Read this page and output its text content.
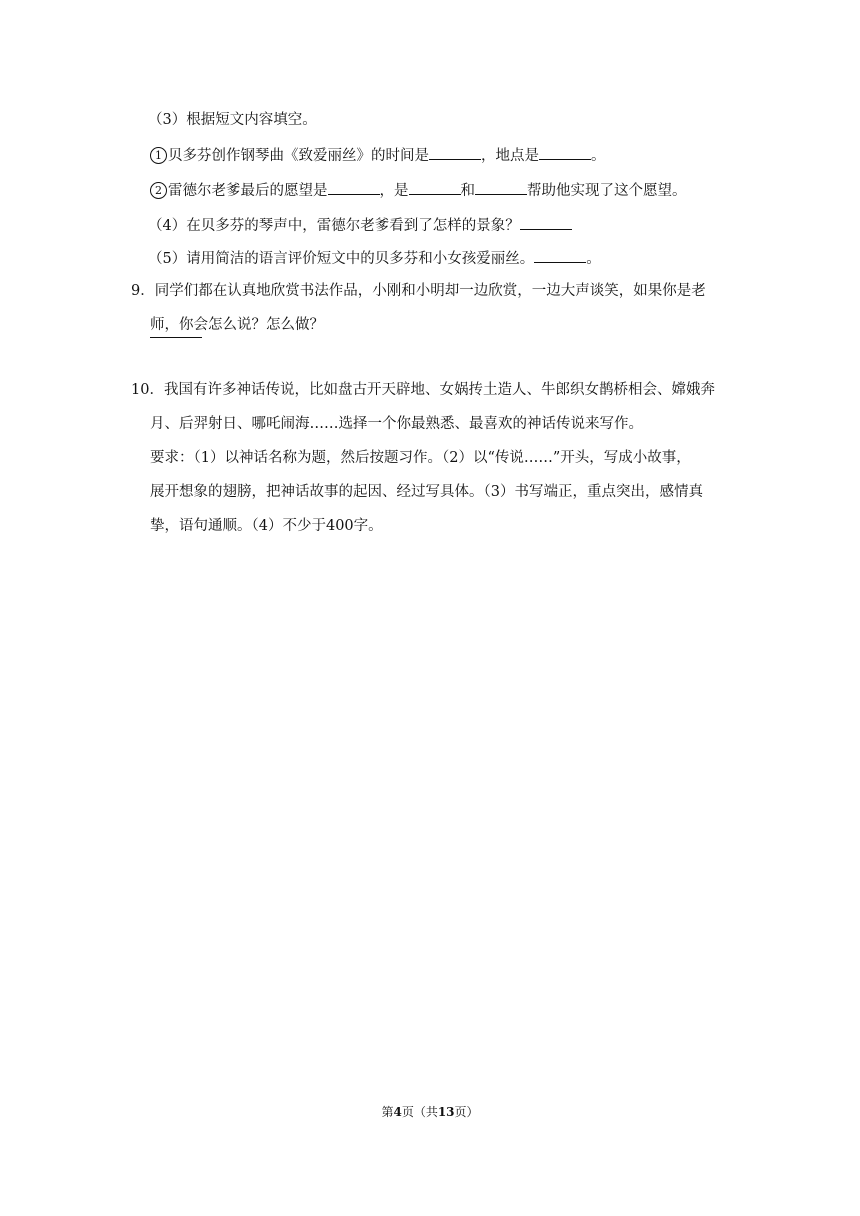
（3）根据短文内容填空。
1 贝多芬创作钢琴曲《致爱丽丝》的时间是	，地点是	。
2 雷德尔老爹最后的愿望是	，是	和	帮助他实现了这个愿望。
（4）在贝多芬的琴声中，雷德尔老爹看到了怎样的景象？
（5）请用简洁的语言评价短文中的贝多芬和小女孩爱丽丝。	。
9．同学们都在认真地欣赏书法作品，小刚和小明却一边欣赏，一边大声谈笑，如果你是老
师，你会怎么说？怎么做？
10．我国有许多神话传说，比如盘古开天辟地、女娲抟土造人、牛郎织女鹊桥相会、嫦娥奔
月、后羿射日、哪吒闹海……选择一个你最熟悉、最喜欢的神话传说来写作。
要求：（1）以神话名称为题，然后按题习作。（2）以“传说……”开头，写成小故事，
展开想象的翅膀，把神话故事的起因、经过写具体。（3）书写端正，重点突出，感情真
挚，语句通顺。（4）不少于400字。
第4页（共13页）
